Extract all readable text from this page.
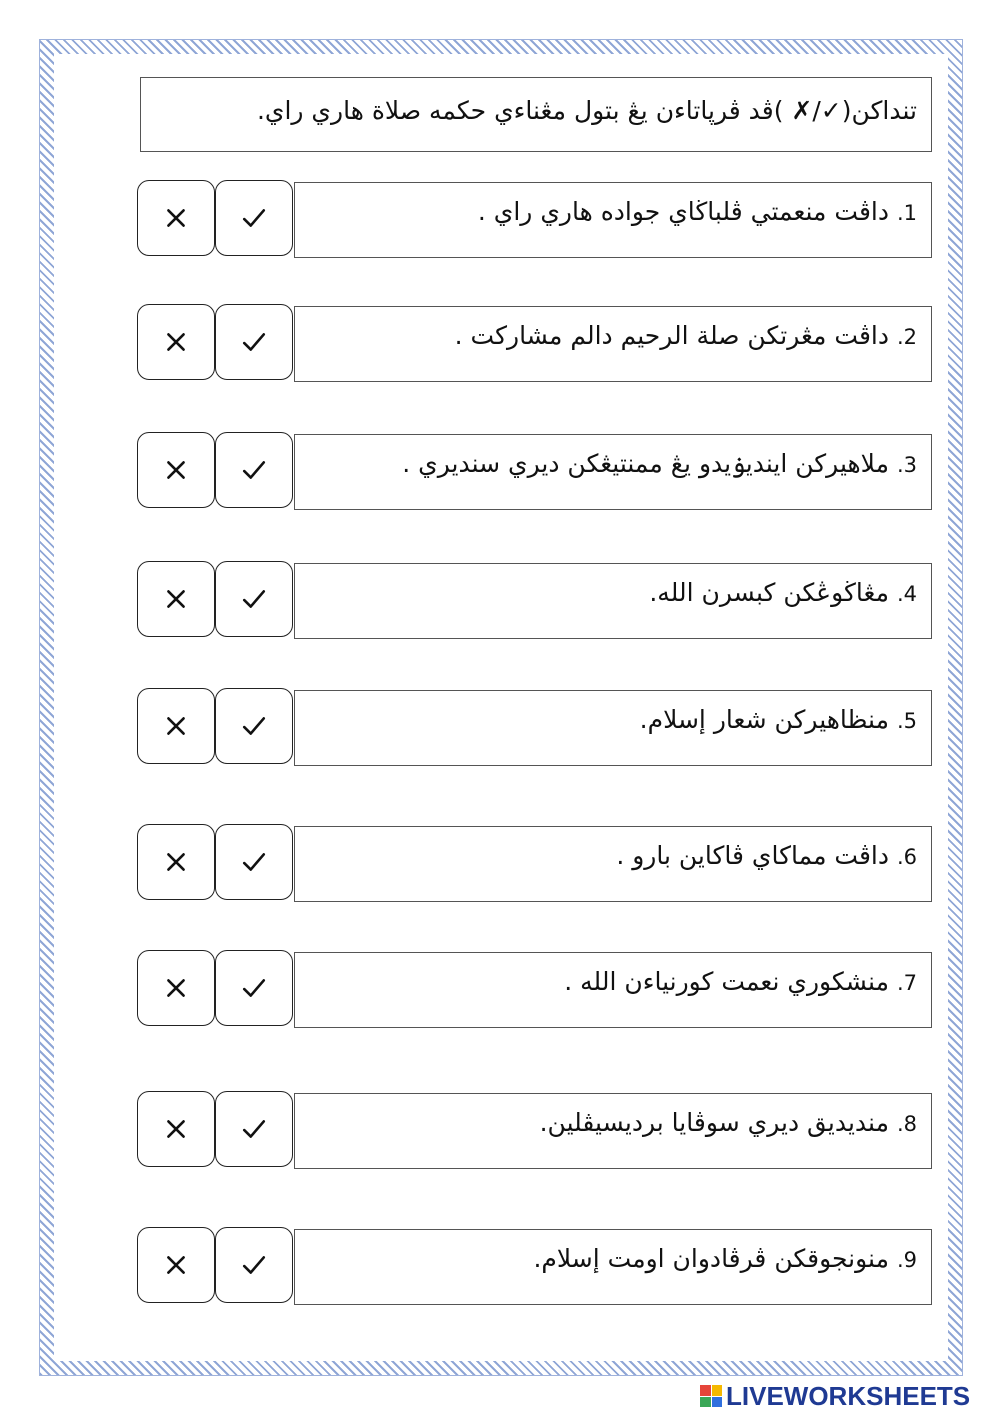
تنداكن(✓/✗ )ڤد ڤرپاتاءن يڠ بتول مڠناءي حكمه صلاة هاري راي.
1. داڤت منعمتي ڤلباڬاي جواده هاري راي .
2. داڤت مڠرتكن صلة الرحيم دالم مشاركت .
3. ملاهيركن اينديۏيدو يڠ ممنتيڠكن ديري سنديري .
4. مڠاڬوڠكن كبسرن الله.
5. منظاهيركن شعار إسلام.
6. داڤت مماكاي ڤاكاين بارو .
7. منشكوري نعمت كورنياءن الله .
8. منديديق ديري سوڤايا برديسيڤلين.
9. منونجوقكن ڤرڤادوان اومت إسلام.
LIVEWORKSHEETS
